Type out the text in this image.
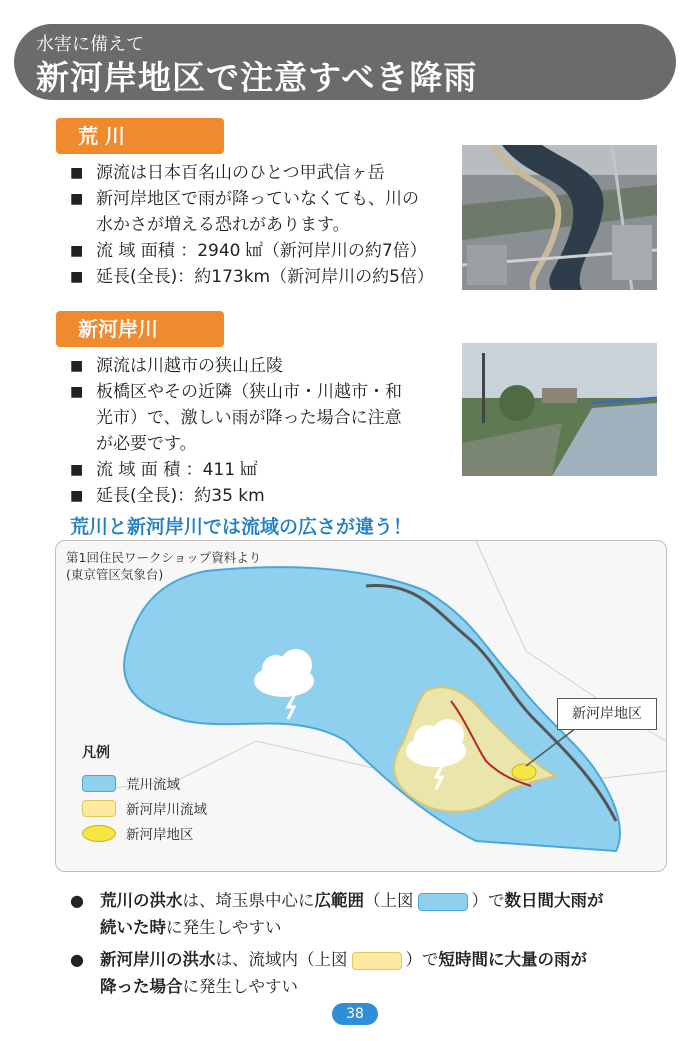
水害に備えて
新河岸地区で注意すべき降雨
荒 川
■ 源流は日本百名山のひとつ甲武信ヶ岳
■ 新河岸地区で雨が降っていなくても、川の
水かさが増える恐れがあります。
■ 流 域 面積 ：2940 ㎢（新河岸川の約7倍）
■ 延長(全長)：約173km（新河岸川の約5倍）
新河岸川
■ 源流は川越市の狭山丘陵
■ 板橋区やその近隣（狭山市・川越市・和
光市）で、激しい雨が降った場合に注意
が必要です。
■ 流 域 面 積 ：411 ㎢
■ 延長(全長)：約35 km
荒川と新河岸川では流域の広さが違う！
第1回住民ワークショップ資料より
(東京管区気象台)
新河岸地区
凡例
荒川流域
新河岸川流域
新河岸地区
● 荒川の洪水は、埼玉県中心に広範囲（上図	）で数日間大雨が
続いた時に発生しやすい
● 新河岸川の洪水は、流域内（上図	）で短時間に大量の雨が
降った場合に発生しやすい
38
